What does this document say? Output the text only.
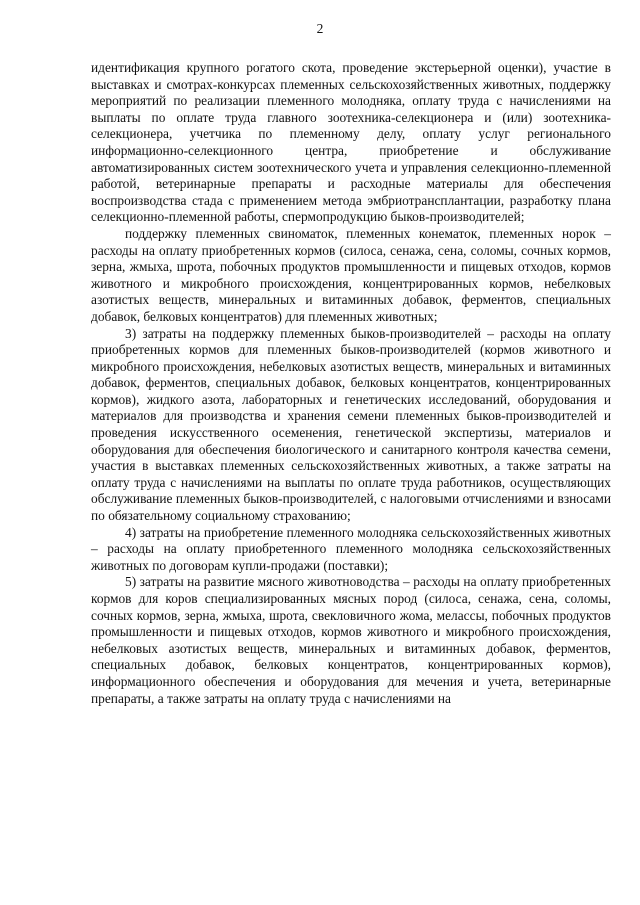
2

идентификация крупного рогатого скота, проведение экстерьерной оценки), участие в выставках и смотрах-конкурсах племенных сельскохозяйственных животных, поддержку мероприятий по реализации племенного молодняка, оплату труда с начислениями на выплаты по оплате труда главного зоотехника-селекционера и (или) зоотехника-селекционера, учетчика по племенному делу, оплату услуг регионального информационно-селекционного центра, приобретение и обслуживание автоматизированных систем зоотехнического учета и управления селекционно-племенной работой, ветеринарные препараты и расходные материалы для обеспечения воспроизводства стада с применением метода эмбриотрансплантации, разработку плана селекционно-племенной работы, спермопродукцию быков-производителей;

поддержку племенных свиноматок, племенных конематок, племенных норок – расходы на оплату приобретенных кормов (силоса, сенажа, сена, соломы, сочных кормов, зерна, жмыха, шрота, побочных продуктов промышленности и пищевых отходов, кормов животного и микробного происхождения, концентрированных кормов, небелковых азотистых веществ, минеральных и витаминных добавок, ферментов, специальных добавок, белковых концентратов) для племенных животных;

3) затраты на поддержку племенных быков-производителей – расходы на оплату приобретенных кормов для племенных быков-производителей (кормов животного и микробного происхождения, небелковых азотистых веществ, минеральных и витаминных добавок, ферментов, специальных добавок, белковых концентратов, концентрированных кормов), жидкого азота, лабораторных и генетических исследований, оборудования и материалов для производства и хранения семени племенных быков-производителей и проведения искусственного осеменения, генетической экспертизы, материалов и оборудования для обеспечения биологического и санитарного контроля качества семени, участия в выставках племенных сельскохозяйственных животных, а также затраты на оплату труда с начислениями на выплаты по оплате труда работников, осуществляющих обслуживание племенных быков-производителей, с налоговыми отчислениями и взносами по обязательному социальному страхованию;

4) затраты на приобретение племенного молодняка сельскохозяйственных животных – расходы на оплату приобретенного племенного молодняка сельскохозяйственных животных по договорам купли-продажи (поставки);

5) затраты на развитие мясного животноводства – расходы на оплату приобретенных кормов для коров специализированных мясных пород (силоса, сенажа, сена, соломы, сочных кормов, зерна, жмыха, шрота, свекловичного жома, мелассы, побочных продуктов промышленности и пищевых отходов, кормов животного и микробного происхождения, небелковых азотистых веществ, минеральных и витаминных добавок, ферментов, специальных добавок, белковых концентратов, концентрированных кормов), информационного обеспечения и оборудования для мечения и учета, ветеринарные препараты, а также затраты на оплату труда с начислениями на
